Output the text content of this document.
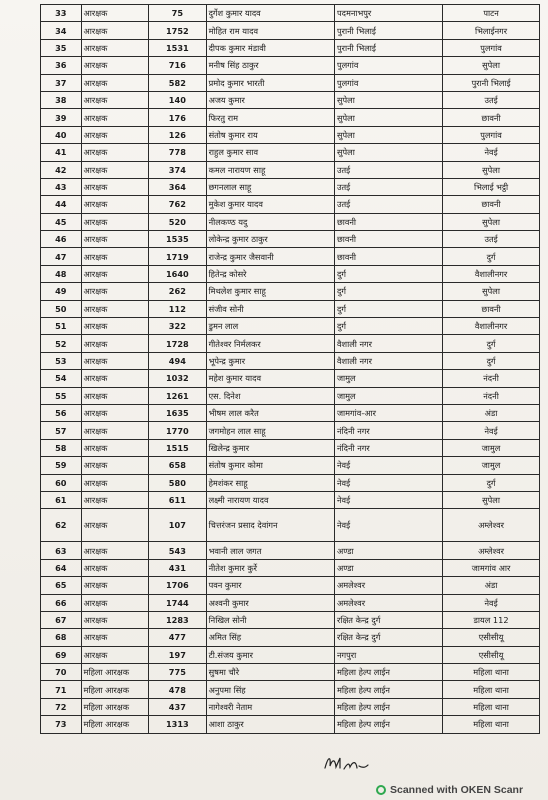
33	आरक्षक	75	दुर्गेश कुमार यादव	पदमनाभपुर	पाटन
34	आरक्षक	1752	मोहित राम यादव	पुरानी भिलाई	भिलाईनगर
35	आरक्षक	1531	दीपक कुमार मंडावी	पुरानी भिलाई	पुलगांव
36	आरक्षक	716	मनीष सिंह ठाकुर	पुलगांव	सुपेला
37	आरक्षक	582	प्रमोद कुमार भारती	पुलगांव	पुरानी भिलाई
38	आरक्षक	140	अजय कुमार	सुपेला	उतई
39	आरक्षक	176	फिरतु राम	सुपेला	छावनी
40	आरक्षक	126	संतोष कुमार राय	सुपेला	पुलगांव
41	आरक्षक	778	राहुल कुमार साव	सुपेला	नेवई
42	आरक्षक	374	कमल नारायण साहू	उतई	सुपेला
43	आरक्षक	364	छगनलाल साहू	उतई	भिलाई भट्ठी
44	आरक्षक	762	मुकेश कुमार यादव	उतई	छावनी
45	आरक्षक	520	नीलकण्ठ यदु	छावनी	सुपेला
46	आरक्षक	1535	लोकेन्द्र कुमार ठाकुर	छावनी	उतई
47	आरक्षक	1719	राजेन्द्र कुमार जैसवानी	छावनी	दुर्ग
48	आरक्षक	1640	हितेन्द्र कोसरे	दुर्ग	वैशालीनगर
49	आरक्षक	262	मिथलेश कुमार साहू	दुर्ग	सुपेला
50	आरक्षक	112	संजीव सोनी	दुर्ग	छावनी
51	आरक्षक	322	डुमन लाल	दुर्ग	वैशालीनगर
52	आरक्षक	1728	गीतेश्वर निर्मलकर	वैशाली नगर	दुर्ग
53	आरक्षक	494	भूपेन्द्र कुमार	वैशाली नगर	दुर्ग
54	आरक्षक	1032	महेश कुमार यादव	जामुल	नंदनी
55	आरक्षक	1261	एस. दिनेश	जामुल	नंदनी
56	आरक्षक	1635	भीषम लाल करैत	जामगांव-आर	अंडा
57	आरक्षक	1770	जगमोहन लाल साहू	नंदिनी नगर	नेवई
58	आरक्षक	1515	खिलेन्द्र कुमार	नंदिनी नगर	जामुल
59	आरक्षक	658	संतोष कुमार कोमा	नेवई	जामुल
60	आरक्षक	580	हेमशंकर साहू	नेवई	दुर्ग
61	आरक्षक	611	लक्ष्मी नारायण यादव	नेवई	सुपेला
62	आरक्षक	107	चित्तरंजन प्रसाद देवांगन	नेवई	अम्लेश्वर
63	आरक्षक	543	भवानी लाल जगत	अण्डा	अम्लेश्वर
64	आरक्षक	431	नीतेश कुमार कुर्रे	अण्डा	जामगांव आर
65	आरक्षक	1706	पवन कुमार	अमलेश्वर	अंडा
66	आरक्षक	1744	अश्वनी कुमार	अमलेश्वर	नेवई
67	आरक्षक	1283	निखिल सोनी	रक्षित केन्द्र दुर्ग	डायल 112
68	आरक्षक	477	अमित सिंह	रक्षित केन्द्र दुर्ग	एसीसीयू
69	आरक्षक	197	टी.संजय कुमार	नगपुरा	एसीसीयू
70	महिला आरक्षक	775	सुषमा चौरे	महिला हेल्प लाईन	महिला थाना
71	महिला आरक्षक	478	अनुपमा सिंह	महिला हेल्प लाईन	महिला थाना
72	महिला आरक्षक	437	नागेश्वरी नेताम	महिला हेल्प लाईन	महिला थाना
73	महिला आरक्षक	1313	आशा ठाकुर	महिला हेल्प लाईन	महिला थाना
Scanned with OKEN Scanr
